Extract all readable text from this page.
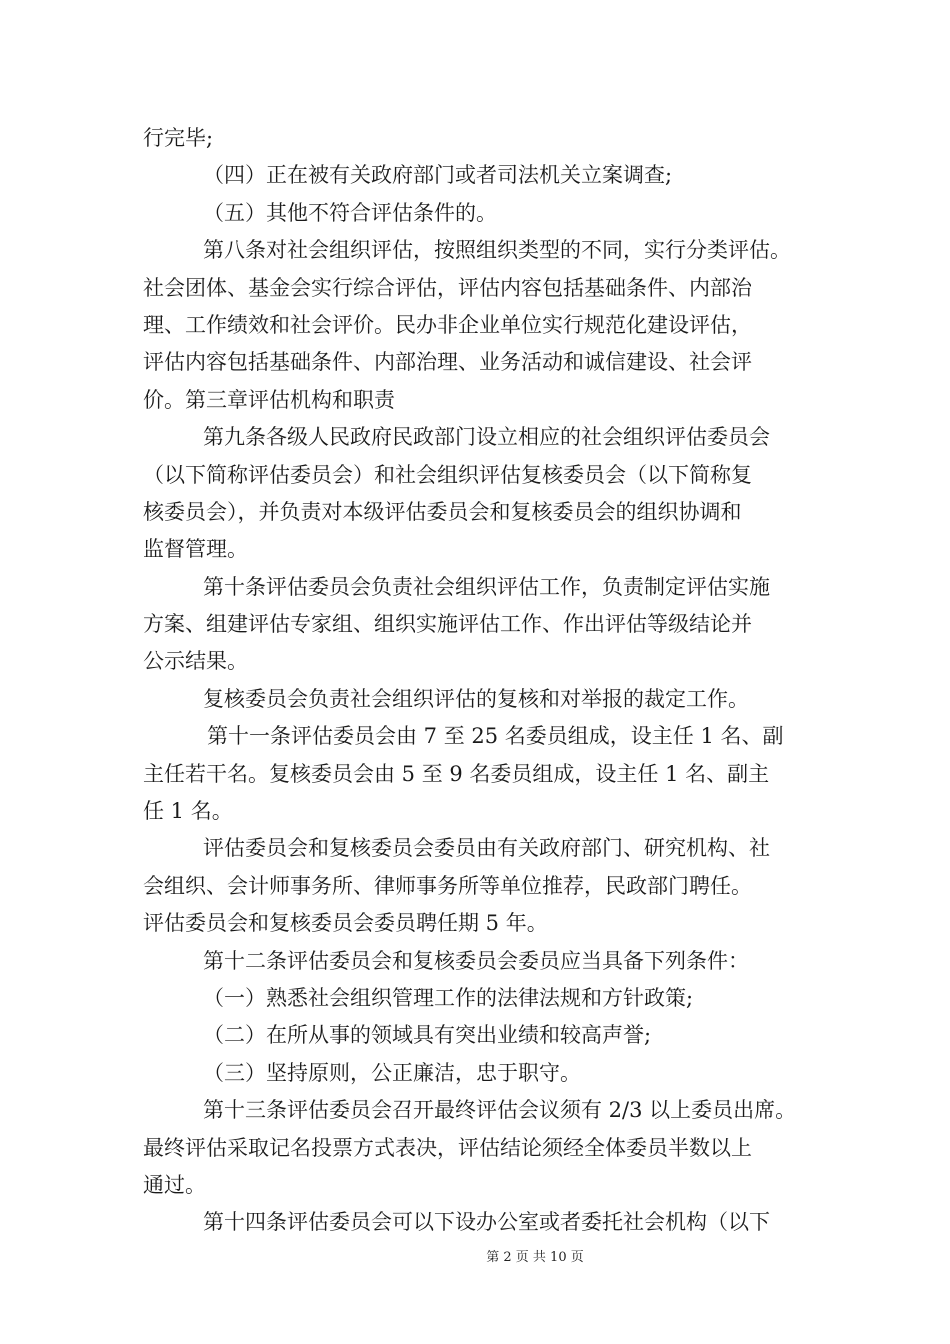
行完毕;
（四）正在被有关政府部门或者司法机关立案调查;
（五）其他不符合评估条件的。
第八条对社会组织评估，按照组织类型的不同，实行分类评估。
社会团体、基金会实行综合评估，评估内容包括基础条件、内部治
理、工作绩效和社会评价。民办非企业单位实行规范化建设评估，
评估内容包括基础条件、内部治理、业务活动和诚信建设、社会评
价。第三章评估机构和职责
第九条各级人民政府民政部门设立相应的社会组织评估委员会
（以下简称评估委员会）和社会组织评估复核委员会（以下简称复
核委员会），并负责对本级评估委员会和复核委员会的组织协调和
监督管理。
第十条评估委员会负责社会组织评估工作，负责制定评估实施
方案、组建评估专家组、组织实施评估工作、作出评估等级结论并
公示结果。
复核委员会负责社会组织评估的复核和对举报的裁定工作。
第十一条评估委员会由 7 至 25 名委员组成，设主任 1 名、副
主任若干名。复核委员会由 5 至 9 名委员组成，设主任 1 名、副主
任 1 名。
评估委员会和复核委员会委员由有关政府部门、研究机构、社
会组织、会计师事务所、律师事务所等单位推荐，民政部门聘任。
评估委员会和复核委员会委员聘任期 5 年。
第十二条评估委员会和复核委员会委员应当具备下列条件：
（一）熟悉社会组织管理工作的法律法规和方针政策;
（二）在所从事的领域具有突出业绩和较高声誉;
（三）坚持原则，公正廉洁，忠于职守。
第十三条评估委员会召开最终评估会议须有 2/3 以上委员出席。
最终评估采取记名投票方式表决，评估结论须经全体委员半数以上
通过。
第十四条评估委员会可以下设办公室或者委托社会机构（以下
第 2 页 共 10 页
